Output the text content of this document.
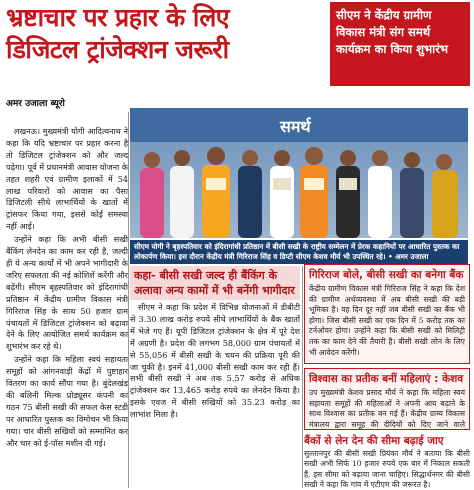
भ्रष्टाचार पर प्रहार के लिए
डिजिटल ट्रांजेक्शन जरूरी
सीएम ने केंद्रीय ग्रामीण विकास मंत्री संग समर्थ कार्यक्रम का किया शुभारंभ
अमर उजाला ब्यूरो

लखनऊ। मुख्यमंत्री योगी आदित्यनाथ ने कहा कि यदि भ्रष्टाचार पर प्रहार करना है तो डिजिटल ट्रांजेक्शन को और जल्द पढ़ेगा। पूर्व में प्रधानमंत्री आवास योजना के तहत शहरी एवं ग्रामीण इलाकों में 54 लाख परिवारों को आवास का पैसा डिजिटली सीधे लाभार्थियों के खातों में ट्रांसफर किया गया, इससे कोई समस्या नहीं आई।

उन्होंने कहा कि अभी बीसी सखी बैंकिंग लेनदेन का काम कर रही है, जल्दी ही ये अन्य कार्यों में भी अपने भागीदारी के जरिए सफलता की नई कोशिशें करेंगी और बढ़ेंगी। सीएम बृहस्पतिवार को इंदिरागांधी प्रतिष्ठान में केंद्रीय ग्रामीण विकास मंत्री गिरिराज सिंह के साथ 50 हजार ग्राम पंचायतों में डिजिटल ट्रांजेक्शन को बढ़ावा देने के लिए आयोजित समर्थ कार्यक्रम का शुभारंभ कर रहे थे।

उन्होंने कहा कि महिला स्वयं सहायता समूहों को आंगनवाड़ी केंद्रों में पुष्टाहार वितरण का कार्य सौंपा गया है। बुंदेलखंड की बलिनी मिल्क प्रोड्यूसर कंपनी का गठन 75 बीसी सखी की सफल केस स्टडी पर आधारित पुस्तक का विमोचन भी किया गया। चार बीसी सखियों को सम्मानित कर और चार को ई-पॉस मशीन दी गई।

समर्थ
सीएम योगी ने बृहस्पतिवार को इंदिरागांधी प्रतिष्ठान में बीसी सखी के राष्ट्रीय सम्मेलन में प्रेरक कहानियों पर आधारित पुस्तक का लोकार्पण किया। इस दौरान केंद्रीय मंत्री गिरिराज सिंह व डिप्टी सीएम केशव मौर्य भी उपस्थित रहे। • अमर उजाला
कहा- बीसी सखी जल्द ही बैंकिंग के अलावा अन्य कामों में भी बनेंगी भागीदार

सीएम ने कहा कि प्रदेश में विभिन्न योजनाओं में डीबीटी से 3.30 लाख करोड़ रुपये सीधे लाभार्थियों के बैंक खातों में भेजे गए हैं। यूपी डिजिटल ट्रांजेक्शन के क्षेत्र में पूरे देश में अग्रणी है। प्रदेश की लगभग 58,000 ग्राम पंचायतों में से 55,056 में बीसी सखी के चयन की प्रक्रिया पूरी की जा चुकी है। इनमें 41,000 बीसी सखी काम कर रही हैं। सभी बीसी सखी ने अब तक 5.57 करोड़ से अधिक ट्रांजेक्शन कर 13,465 करोड़ रुपये का लेनदेन किया है। इसके एवज में बीसी सखियों को 35.23 करोड़ का लाभांश मिला है।

गिरिराज बोले, बीसी सखी का बनेगा बैंक
केंद्रीय ग्रामीण विकास मंत्री गिरिराज सिंह ने कहा कि देश की ग्रामीण अर्थव्यवस्था में अब बीसी सखी की बड़ी भूमिका है। वह दिन दूर नहीं जब बीसी सखी का बैंक भी होगा। जिस बीसी सखी का एक दिन में 5 करोड़ तक का टर्नओवर होगा। उन्होंने कहा कि बीसी सखी को मिलिट्री तक का काम देने की तैयारी है। बीसी सखी लोन के लिए भी आवेदन करेंगी।
विश्वास का प्रतीक बनीं महिलाएं : केशव
उप मुख्यमंत्री केशव प्रसाद मौर्य ने कहा कि महिला स्वयं सहायता समूहों की महिलाओं ने अपनी आय बढ़ाने के साथ विश्वास का प्रतीक बन गई हैं। केंद्रीय ग्राम्य विकास मंत्रालय द्वारा समूह की दीदियों को दिए जाने वाले
बैंकों से लेन देन की सीमा बढ़ाई जाए
सुल्तानपुर की बीसी सखी प्रियंका मौर्य ने बताया कि बीसी सखी अभी सिर्फ 10 हजार रुपये एक बार में निकाल सकती हैं, इस सीमा को बढ़ाया जाना चाहिए। सिद्धार्थनगर की बीसी सखी ने कहा कि गांव में एटीएम की जरूरत है।
